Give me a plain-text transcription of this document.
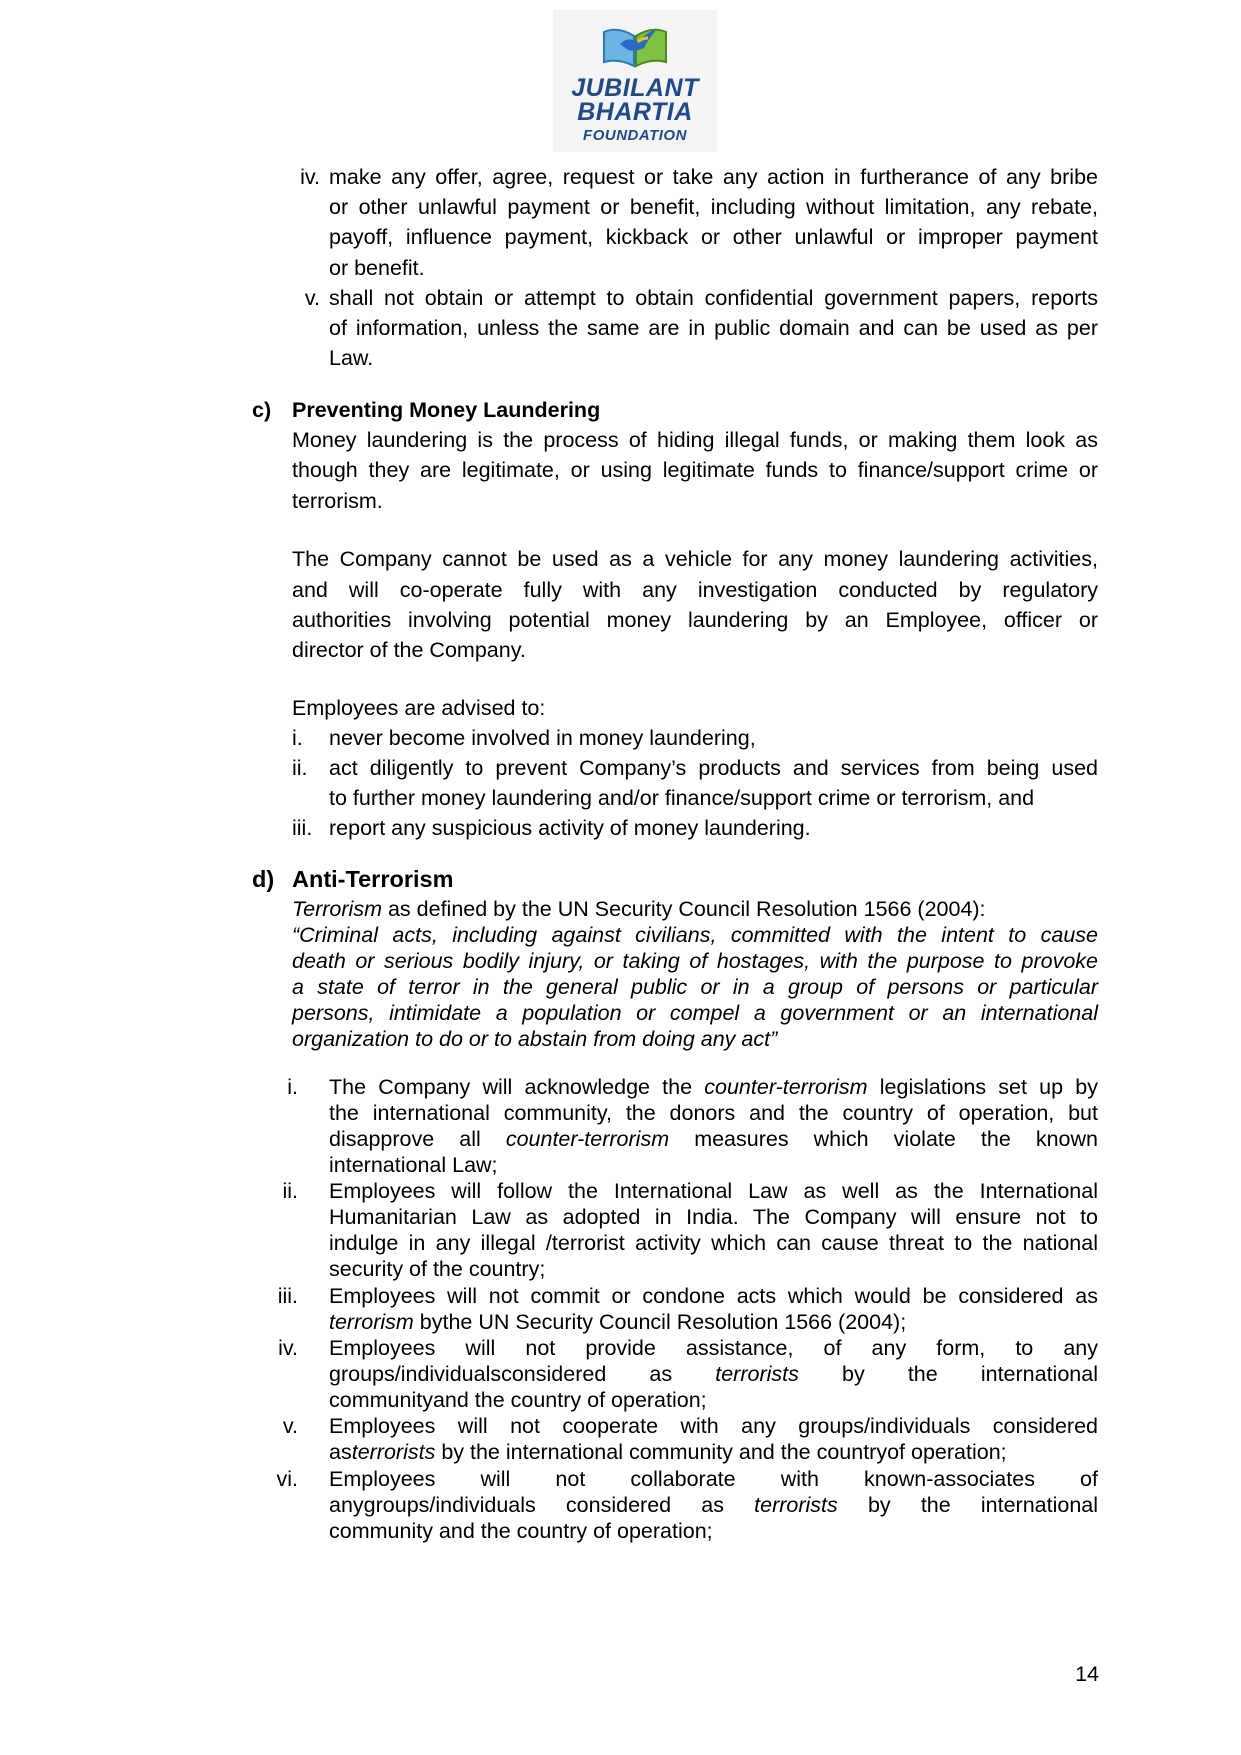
JUBILANT
BHARTIA
FOUNDATION
iv. make any offer, agree, request or take any action in furtherance of any bribe
or other unlawful payment or benefit, including without limitation, any rebate,
payoff, influence payment, kickback or other unlawful or improper payment
or benefit.
v. shall not obtain or attempt to obtain confidential government papers, reports
of information, unless the same are in public domain and can be used as per
Law.
c) Preventing Money Laundering
Money laundering is the process of hiding illegal funds, or making them look as
though they are legitimate, or using legitimate funds to finance/support crime or
terrorism.
The Company cannot be used as a vehicle for any money laundering activities,
and will co-operate fully with any investigation conducted by regulatory
authorities involving potential money laundering by an Employee, officer or
director of the Company.
Employees are advised to:
i. never become involved in money laundering,
ii. act diligently to prevent Company’s products and services from being used
to further money laundering and/or finance/support crime or terrorism, and
iii. report any suspicious activity of money laundering.
d) Anti-Terrorism
Terrorism as defined by the UN Security Council Resolution 1566 (2004):
“Criminal acts, including against civilians, committed with the intent to cause
death or serious bodily injury, or taking of hostages, with the purpose to provoke
a state of terror in the general public or in a group of persons or particular
persons, intimidate a population or compel a government or an international
organization to do or to abstain from doing any act”
i. The Company will acknowledge the counter-terrorism legislations set up by
the international community, the donors and the country of operation, but
disapprove all counter-terrorism measures which violate the known
international Law;
ii. Employees will follow the International Law as well as the International
Humanitarian Law as adopted in India. The Company will ensure not to
indulge in any illegal /terrorist activity which can cause threat to the national
security of the country;
iii. Employees will not commit or condone acts which would be considered as
terrorism bythe UN Security Council Resolution 1566 (2004);
iv. Employees will not provide assistance, of any form, to any
groups/individualsconsidered as terrorists by the international
communityand the country of operation;
v. Employees will not cooperate with any groups/individuals considered
asterrorists by the international community and the countryof operation;
vi. Employees will not collaborate with known-associates of
anygroups/individuals considered as terrorists by the international
community and the country of operation;
14
